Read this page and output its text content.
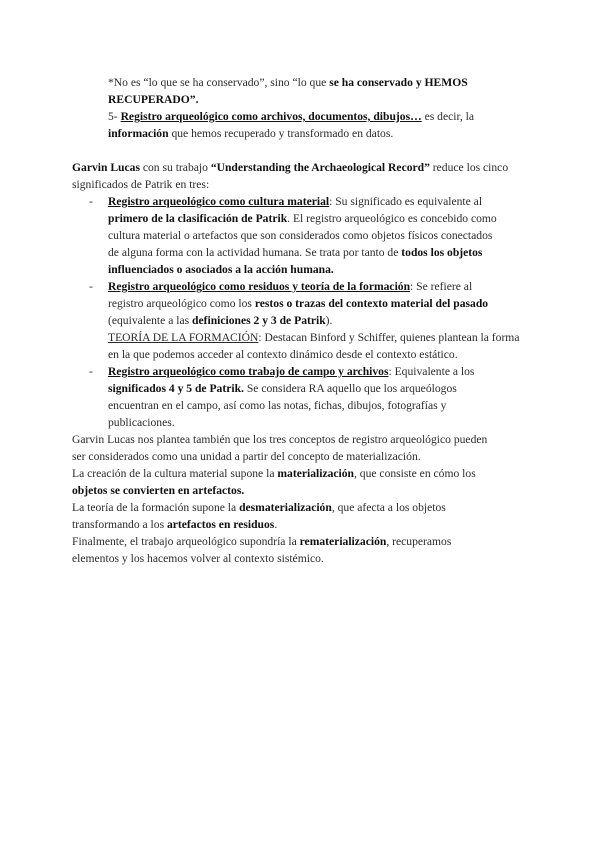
*No es “lo que se ha conservado”, sino “lo que se ha conservado y HEMOS
RECUPERADO”.
5- Registro arqueológico como archivos, documentos, dibujos… es decir, la
información que hemos recuperado y transformado en datos.
Garvin Lucas con su trabajo “Understanding the Archaeological Record” reduce los cinco
significados de Patrik en tres:
- Registro arqueológico como cultura material: Su significado es equivalente al
primero de la clasificación de Patrik. El registro arqueológico es concebido como
cultura material o artefactos que son considerados como objetos físicos conectados
de alguna forma con la actividad humana. Se trata por tanto de todos los objetos
influenciados o asociados a la acción humana.
- Registro arqueológico como residuos y teoría de la formación: Se refiere al
registro arqueológico como los restos o trazas del contexto material del pasado
(equivalente a las definiciones 2 y 3 de Patrik).
TEORÍA DE LA FORMACIÓN: Destacan Binford y Schiffer, quienes plantean la forma
en la que podemos acceder al contexto dinámico desde el contexto estático.
- Registro arqueológico como trabajo de campo y archivos: Equivalente a los
significados 4 y 5 de Patrik. Se considera RA aquello que los arqueólogos
encuentran en el campo, así como las notas, fichas, dibujos, fotografías y
publicaciones.
Garvin Lucas nos plantea también que los tres conceptos de registro arqueológico pueden
ser considerados como una unidad a partir del concepto de materialización.
La creación de la cultura material supone la materialización, que consiste en cómo los
objetos se convierten en artefactos.
La teoría de la formación supone la desmaterialización, que afecta a los objetos
transformando a los artefactos en residuos.
Finalmente, el trabajo arqueológico supondría la rematerialización, recuperamos
elementos y los hacemos volver al contexto sistémico.
